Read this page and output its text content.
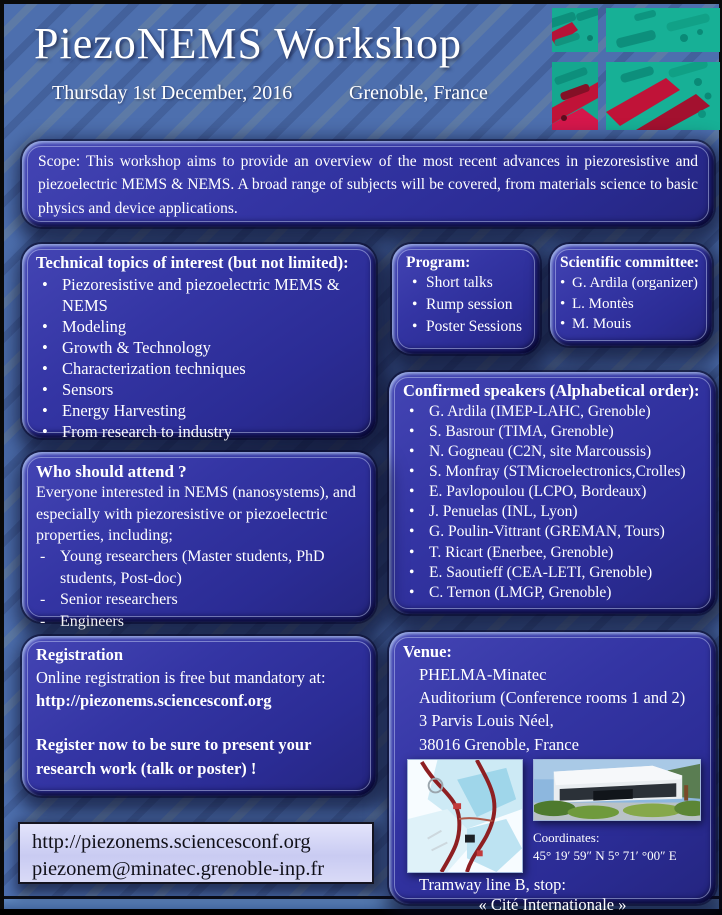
PiezoNEMS Workshop
Thursday 1st December, 2016	Grenoble, France
Scope: This workshop aims to provide an overview of the most recent advances in piezoresistive and piezoelectric MEMS & NEMS. A broad range of subjects will be covered, from materials science to basic physics and device applications.
Technical topics of interest (but not limited):
• Piezoresistive and piezoelectric MEMS & NEMS
• Modeling
• Growth & Technology
• Characterization techniques
• Sensors
• Energy Harvesting
• From research to industry
Program:
• Short talks
• Rump session
• Poster Sessions
Scientific committee:
• G. Ardila (organizer)
• L. Montès
• M. Mouis
Confirmed speakers (Alphabetical order):
• G. Ardila (IMEP-LAHC, Grenoble)
• S. Basrour (TIMA, Grenoble)
• N. Gogneau (C2N, site Marcoussis)
• S. Monfray (STMicroelectronics,Crolles)
• E. Pavlopoulou (LCPO, Bordeaux)
• J. Penuelas (INL, Lyon)
• G. Poulin-Vittrant (GREMAN, Tours)
• T. Ricart (Enerbee, Grenoble)
• E. Saoutieff (CEA-LETI, Grenoble)
• C. Ternon (LMGP, Grenoble)
Who should attend ?
Everyone interested in NEMS (nanosystems), and especially with piezoresistive or piezoelectric properties, including;
- Young researchers (Master students, PhD students, Post-doc)
- Senior researchers
- Engineers
Registration
Online registration is free but mandatory at:
http://piezonems.sciencesconf.org
Register now to be sure to present your research work (talk or poster) !
Venue:
PHELMA-Minatec
Auditorium (Conference rooms 1 and 2)
3 Parvis Louis Néel,
38016 Grenoble, France
Coordinates:
45° 19′ 59″ N 5° 71′ °00″ E
Tramway line B, stop:
« Cité Internationale »
http://piezonems.sciencesconf.org
piezonem@minatec.grenoble-inp.fr
